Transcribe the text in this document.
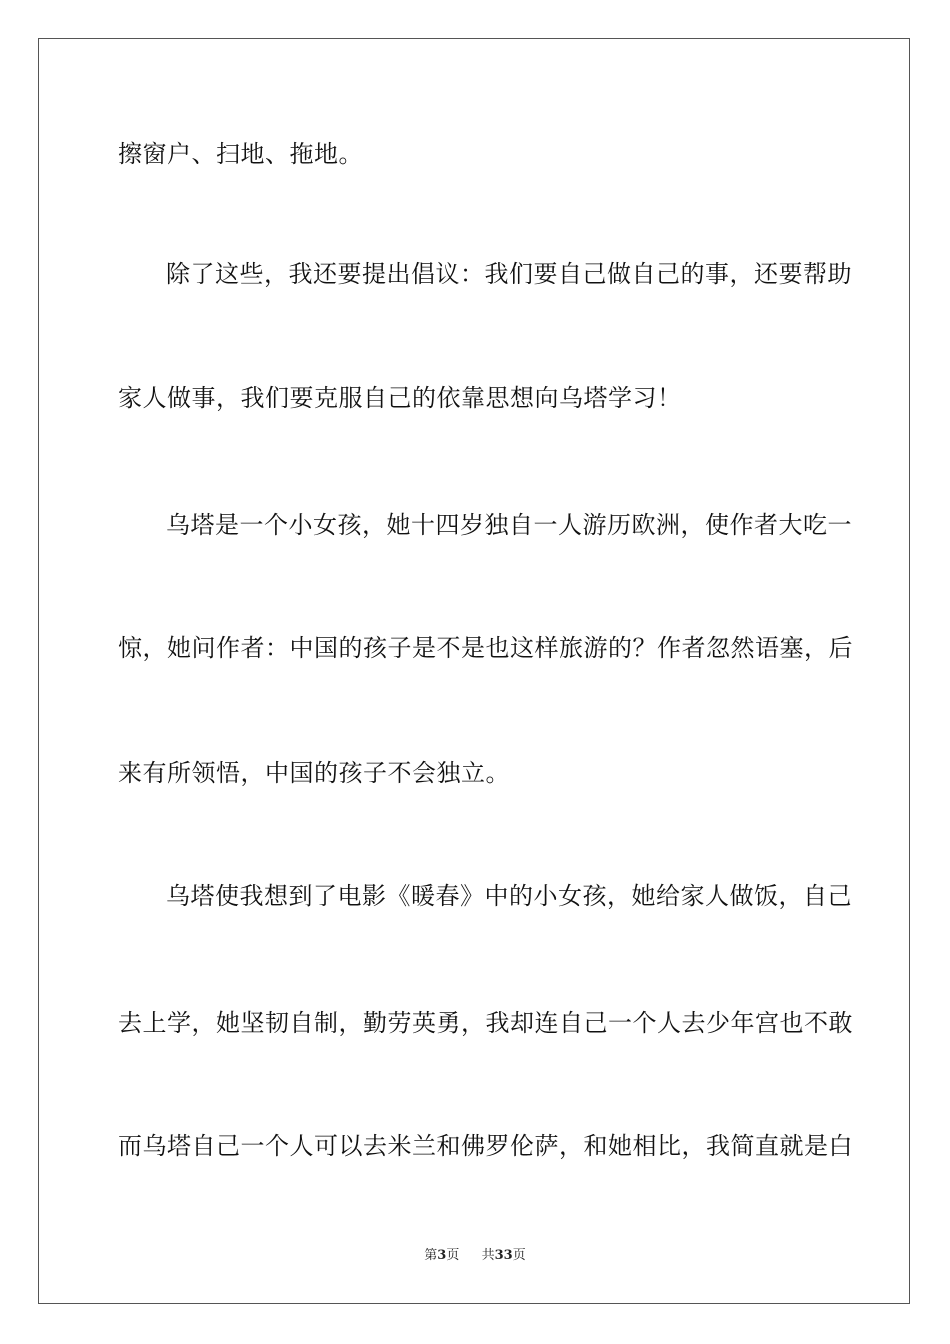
擦窗户、扫地、拖地。

除了这些，我还要提出倡议：我们要自己做自己的事，还要帮助

家人做事，我们要克服自己的依靠思想向乌塔学习！

乌塔是一个小女孩，她十四岁独自一人游历欧洲，使作者大吃一

惊，她问作者：中国的孩子是不是也这样旅游的？作者忽然语塞，后

来有所领悟，中国的孩子不会独立。

乌塔使我想到了电影《暖春》中的小女孩，她给家人做饭，自己

去上学，她坚韧自制，勤劳英勇，我却连自己一个人去少年宫也不敢

而乌塔自己一个人可以去米兰和佛罗伦萨，和她相比，我简直就是白

第3页 共33页
